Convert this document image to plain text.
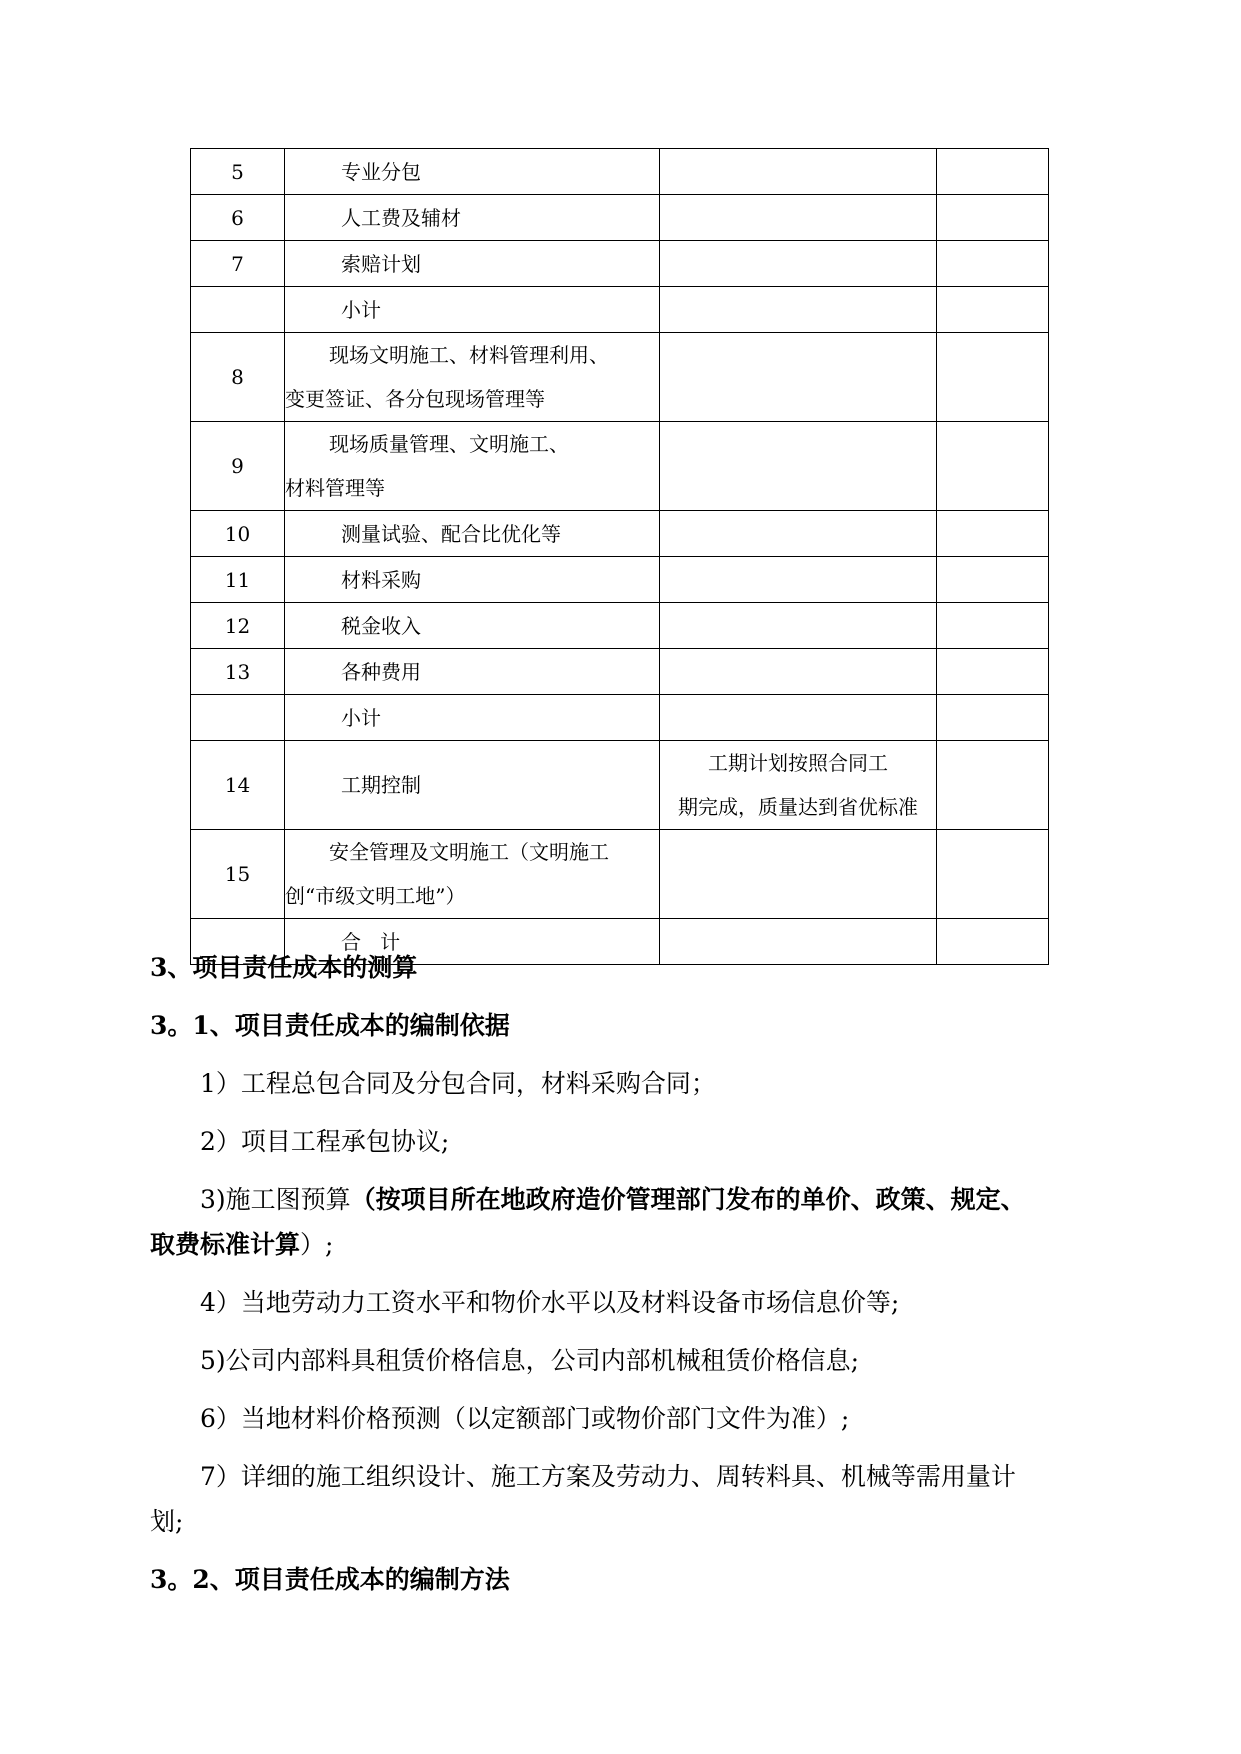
5	专业分包		
6	人工费及辅材		
7	索赔计划		
	小计		
8	现场文明施工、材料管理利用、
变更签证、各分包现场管理等		

9	现场质量管理、文明施工、
材料管理等		

10	测量试验、配合比优化等		
11	材料采购		
12	税金收入		
13	各种费用		
	小计		
14	工期控制	工期计划按照合同工
期完成，质量达到省优标准	

15	安全管理及文明施工（文明施工
创“市级文明工地”）		

	合   计		
3、项目责任成本的测算
3。1、项目责任成本的编制依据
1）工程总包合同及分包合同，材料采购合同；
2）项目工程承包协议;
3)施工图预算（按项目所在地政府造价管理部门发布的单价、政策、规定、
取费标准计算）;
4）当地劳动力工资水平和物价水平以及材料设备市场信息价等;
5)公司内部料具租赁价格信息，公司内部机械租赁价格信息;
6）当地材料价格预测（以定额部门或物价部门文件为准）;
7）详细的施工组织设计、施工方案及劳动力、周转料具、机械等需用量计
划;
3。2、项目责任成本的编制方法
